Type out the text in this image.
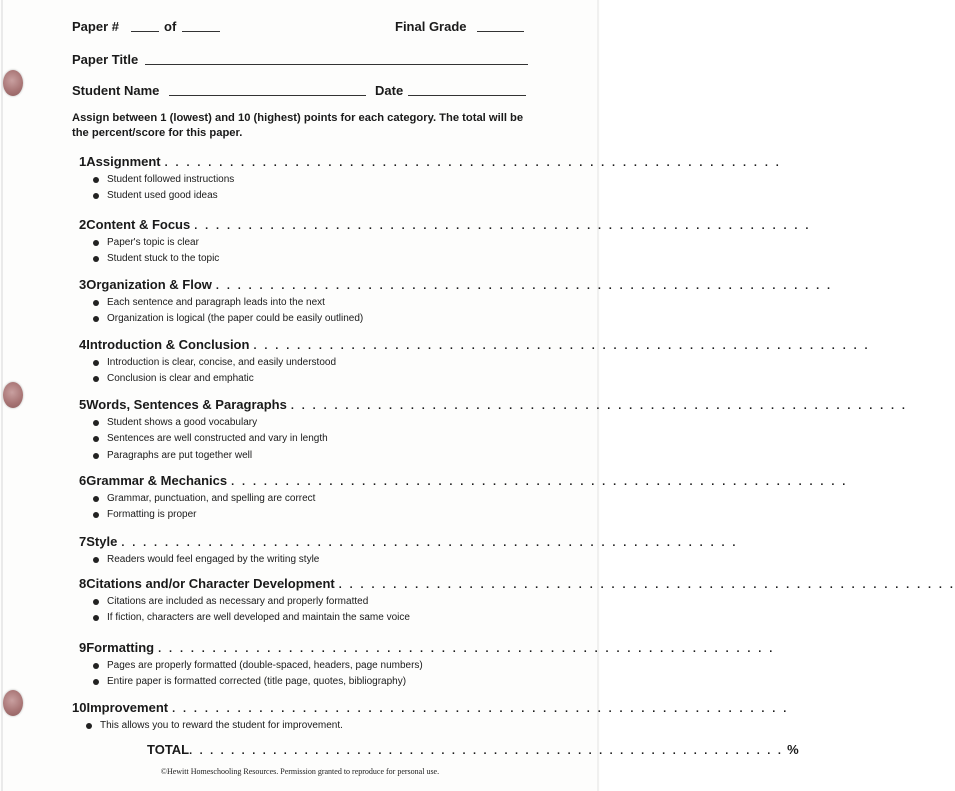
Paper #	of	Final Grade
Paper Title
Student Name	Date
Assign between 1 (lowest) and 10 (highest) points for each category. The total will be the percent/score for this paper.
1 Assignment . . . . . . . . . . . . . . . . . . . . . . . . . . . . . . . . . . . . . . . . . . . . . . . . . . . . . . . . .
Student followed instructions
Student used good ideas
2 Content & Focus . . . . . . . . . . . . . . . . . . . . . . . . . . . . . . . . . . . . . . . . . . . . . . . . . . . . . . . . .
Paper's topic is clear
Student stuck to the topic
3 Organization & Flow . . . . . . . . . . . . . . . . . . . . . . . . . . . . . . . . . . . . . . . . . . . . . . . . . . . . . . . . .
Each sentence and paragraph leads into the next
Organization is logical (the paper could be easily outlined)
4 Introduction & Conclusion . . . . . . . . . . . . . . . . . . . . . . . . . . . . . . . . . . . . . . . . . . . . . . . . . . . . . . . . .
Introduction is clear, concise, and easily understood
Conclusion is clear and emphatic
5 Words, Sentences & Paragraphs . . . . . . . . . . . . . . . . . . . . . . . . . . . . . . . . . . . . . . . . . . . . . . . . . . . . . . . . .
Student shows a good vocabulary
Sentences are well constructed and vary in length
Paragraphs are put together well
6 Grammar & Mechanics . . . . . . . . . . . . . . . . . . . . . . . . . . . . . . . . . . . . . . . . . . . . . . . . . . . . . . . . .
Grammar, punctuation, and spelling are correct
Formatting is proper
7 Style . . . . . . . . . . . . . . . . . . . . . . . . . . . . . . . . . . . . . . . . . . . . . . . . . . . . . . . . .
Readers would feel engaged by the writing style
8 Citations and/or Character Development . . . . . . . . . . . . . . . . . . . . . . . . . . . . . . . . . . . . . . . . . . . . . . . . . . . . . . . . .
Citations are included as necessary and properly formatted
If fiction, characters are well developed and maintain the same voice
9 Formatting . . . . . . . . . . . . . . . . . . . . . . . . . . . . . . . . . . . . . . . . . . . . . . . . . . . . . . . . .
Pages are properly formatted (double-spaced, headers, page numbers)
Entire paper is formatted corrected (title page, quotes, bibliography)
10 Improvement . . . . . . . . . . . . . . . . . . . . . . . . . . . . . . . . . . . . . . . . . . . . . . . . . . . . . . . . .
This allows you to reward the student for improvement.
TOTAL . . . . . . . . . . . . . . . . . . . . . . . . . . . . . . . . . . . . . . . . . . . . . . . . . . . . . . . . . %
©Hewitt Homeschooling Resources. Permission granted to reproduce for personal use.
